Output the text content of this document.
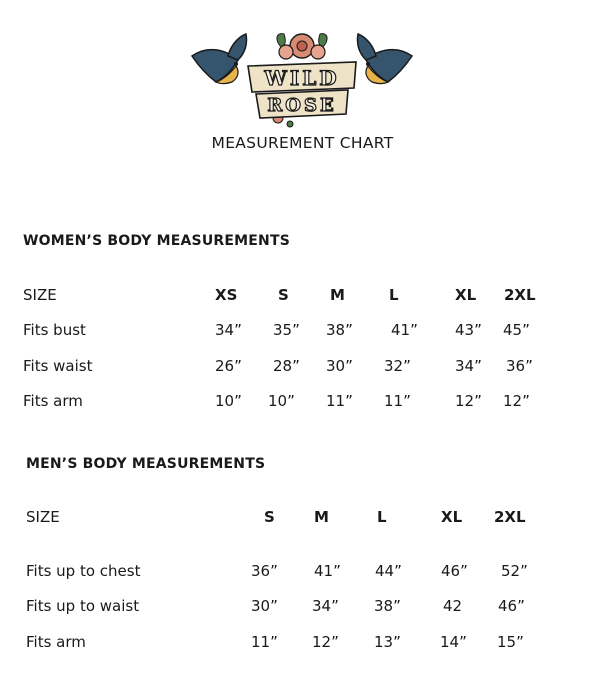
WILD
ROSE
MEASUREMENT CHART
WOMEN’S BODY MEASUREMENTS
SIZE	XS	S	M	L	XL 2XL
Fits bust	34” 35” 38”	41” 43” 45”
Fits waist	26” 28” 30” 32”	34” 36”
Fits arm	10” 10” 11” 11”	12” 12”
MEN’S BODY MEASUREMENTS
SIZE	S	M	L	XL 2XL
Fits up to chest	36” 41” 44”	46” 52”
Fits up to waist	30” 34” 38”	42 46”
Fits arm	11” 12” 13”	14” 15”
